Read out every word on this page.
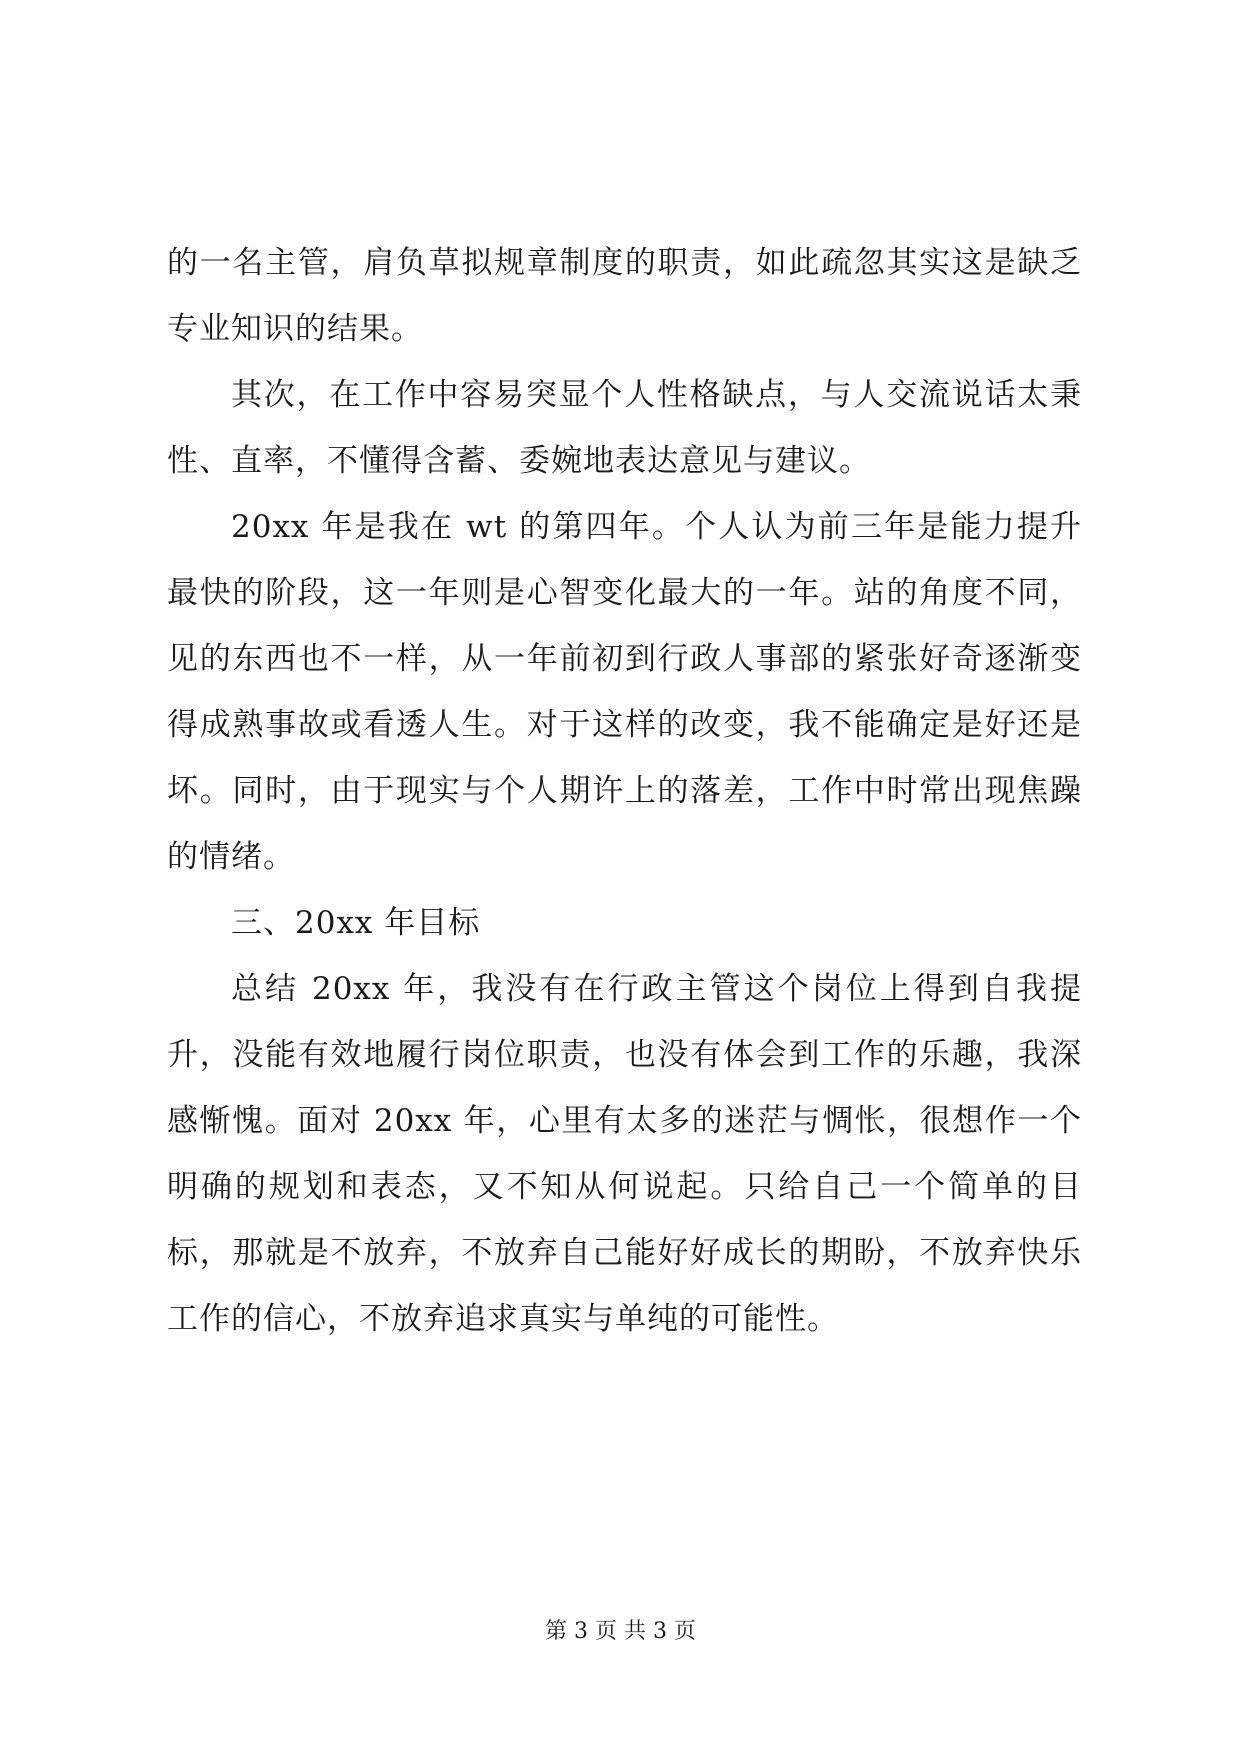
的一名主管，肩负草拟规章制度的职责，如此疏忽其实这是缺乏专业知识的结果。

其次，在工作中容易突显个人性格缺点，与人交流说话太秉性、直率，不懂得含蓄、委婉地表达意见与建议。

20xx 年是我在 wt 的第四年。个人认为前三年是能力提升最快的阶段，这一年则是心智变化最大的一年。站的角度不同，见的东西也不一样，从一年前初到行政人事部的紧张好奇逐渐变得成熟事故或看透人生。对于这样的改变，我不能确定是好还是坏。同时，由于现实与个人期许上的落差，工作中时常出现焦躁的情绪。

三、20xx 年目标

总结 20xx 年，我没有在行政主管这个岗位上得到自我提升，没能有效地履行岗位职责，也没有体会到工作的乐趣，我深感惭愧。面对 20xx 年，心里有太多的迷茫与惆怅，很想作一个明确的规划和表态，又不知从何说起。只给自己一个简单的目标，那就是不放弃，不放弃自己能好好成长的期盼，不放弃快乐工作的信心，不放弃追求真实与单纯的可能性。

第 3 页 共 3 页
